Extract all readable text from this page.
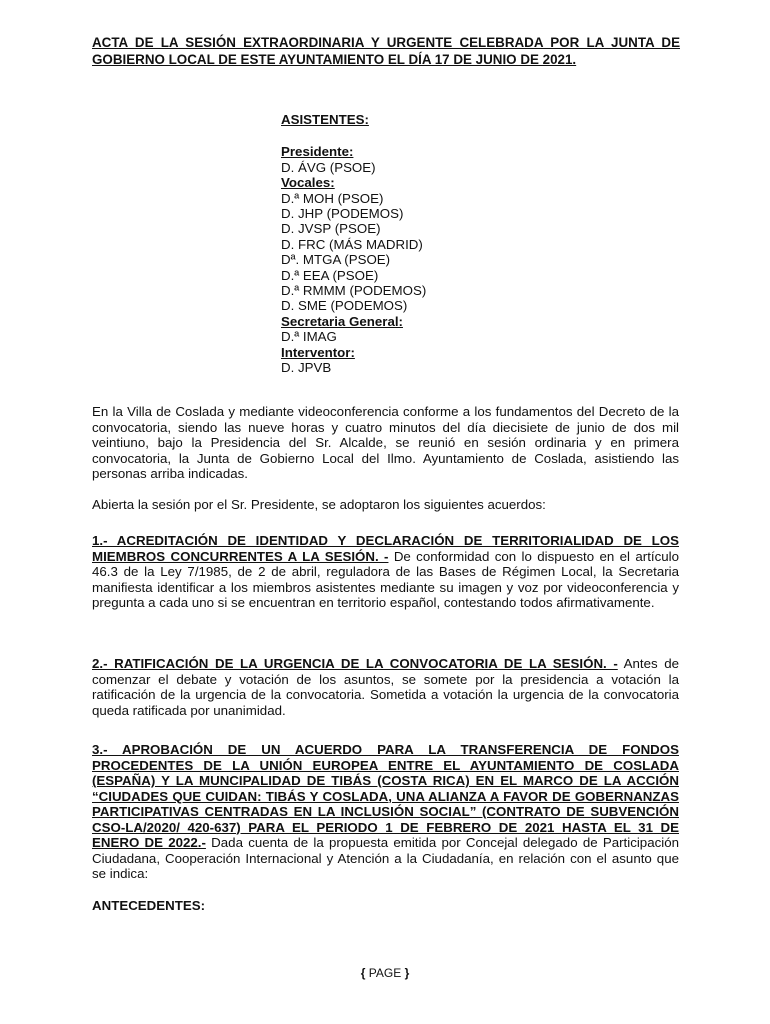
ACTA DE LA SESIÓN EXTRAORDINARIA Y URGENTE CELEBRADA POR LA JUNTA DE GOBIERNO LOCAL DE ESTE AYUNTAMIENTO EL DÍA 17 DE JUNIO DE 2021.
ASISTENTES:
Presidente:
D. ÁVG (PSOE)
Vocales:
D.ª MOH (PSOE)
D. JHP (PODEMOS)
D. JVSP (PSOE)
D. FRC (MÁS MADRID)
Dª. MTGA (PSOE)
D.ª EEA (PSOE)
D.ª RMMM (PODEMOS)
D. SME (PODEMOS)
Secretaria General:
D.ª IMAG
Interventor:
D. JPVB
En la Villa de Coslada y mediante videoconferencia conforme a los fundamentos del Decreto de la convocatoria, siendo las nueve horas y cuatro minutos del día diecisiete de junio de dos mil veintiuno, bajo la Presidencia del Sr. Alcalde, se reunió en sesión ordinaria y en primera convocatoria, la Junta de Gobierno Local del Ilmo. Ayuntamiento de Coslada, asistiendo las personas arriba indicadas.
Abierta la sesión por el Sr. Presidente, se adoptaron los siguientes acuerdos:
1.- ACREDITACIÓN DE IDENTIDAD Y DECLARACIÓN DE TERRITORIALIDAD DE LOS MIEMBROS CONCURRENTES A LA SESIÓN. - De conformidad con lo dispuesto en el artículo 46.3 de la Ley 7/1985, de 2 de abril, reguladora de las Bases de Régimen Local, la Secretaria manifiesta identificar a los miembros asistentes mediante su imagen y voz por videoconferencia y pregunta a cada uno si se encuentran en territorio español, contestando todos afirmativamente.
2.- RATIFICACIÓN DE LA URGENCIA DE LA CONVOCATORIA DE LA SESIÓN. - Antes de comenzar el debate y votación de los asuntos, se somete por la presidencia a votación la ratificación de la urgencia de la convocatoria. Sometida a votación la urgencia de la convocatoria queda ratificada por unanimidad.
3.- APROBACIÓN DE UN ACUERDO PARA LA TRANSFERENCIA DE FONDOS PROCEDENTES DE LA UNIÓN EUROPEA ENTRE EL AYUNTAMIENTO DE COSLADA (ESPAÑA) Y LA MUNCIPALIDAD DE TIBÁS (COSTA RICA) EN EL MARCO DE LA ACCIÓN “CIUDADES QUE CUIDAN: TIBÁS Y COSLADA, UNA ALIANZA A FAVOR DE GOBERNANZAS PARTICIPATIVAS CENTRADAS EN LA INCLUSIÓN SOCIAL” (CONTRATO DE SUBVENCIÓN CSO-LA/2020/ 420-637) PARA EL PERIODO 1 DE FEBRERO DE 2021 HASTA EL 31 DE ENERO DE 2022.- Dada cuenta de la propuesta emitida por Concejal delegado de Participación Ciudadana, Cooperación Internacional y Atención a la Ciudadanía, en relación con el asunto que se indica:
ANTECEDENTES:
{ PAGE }
